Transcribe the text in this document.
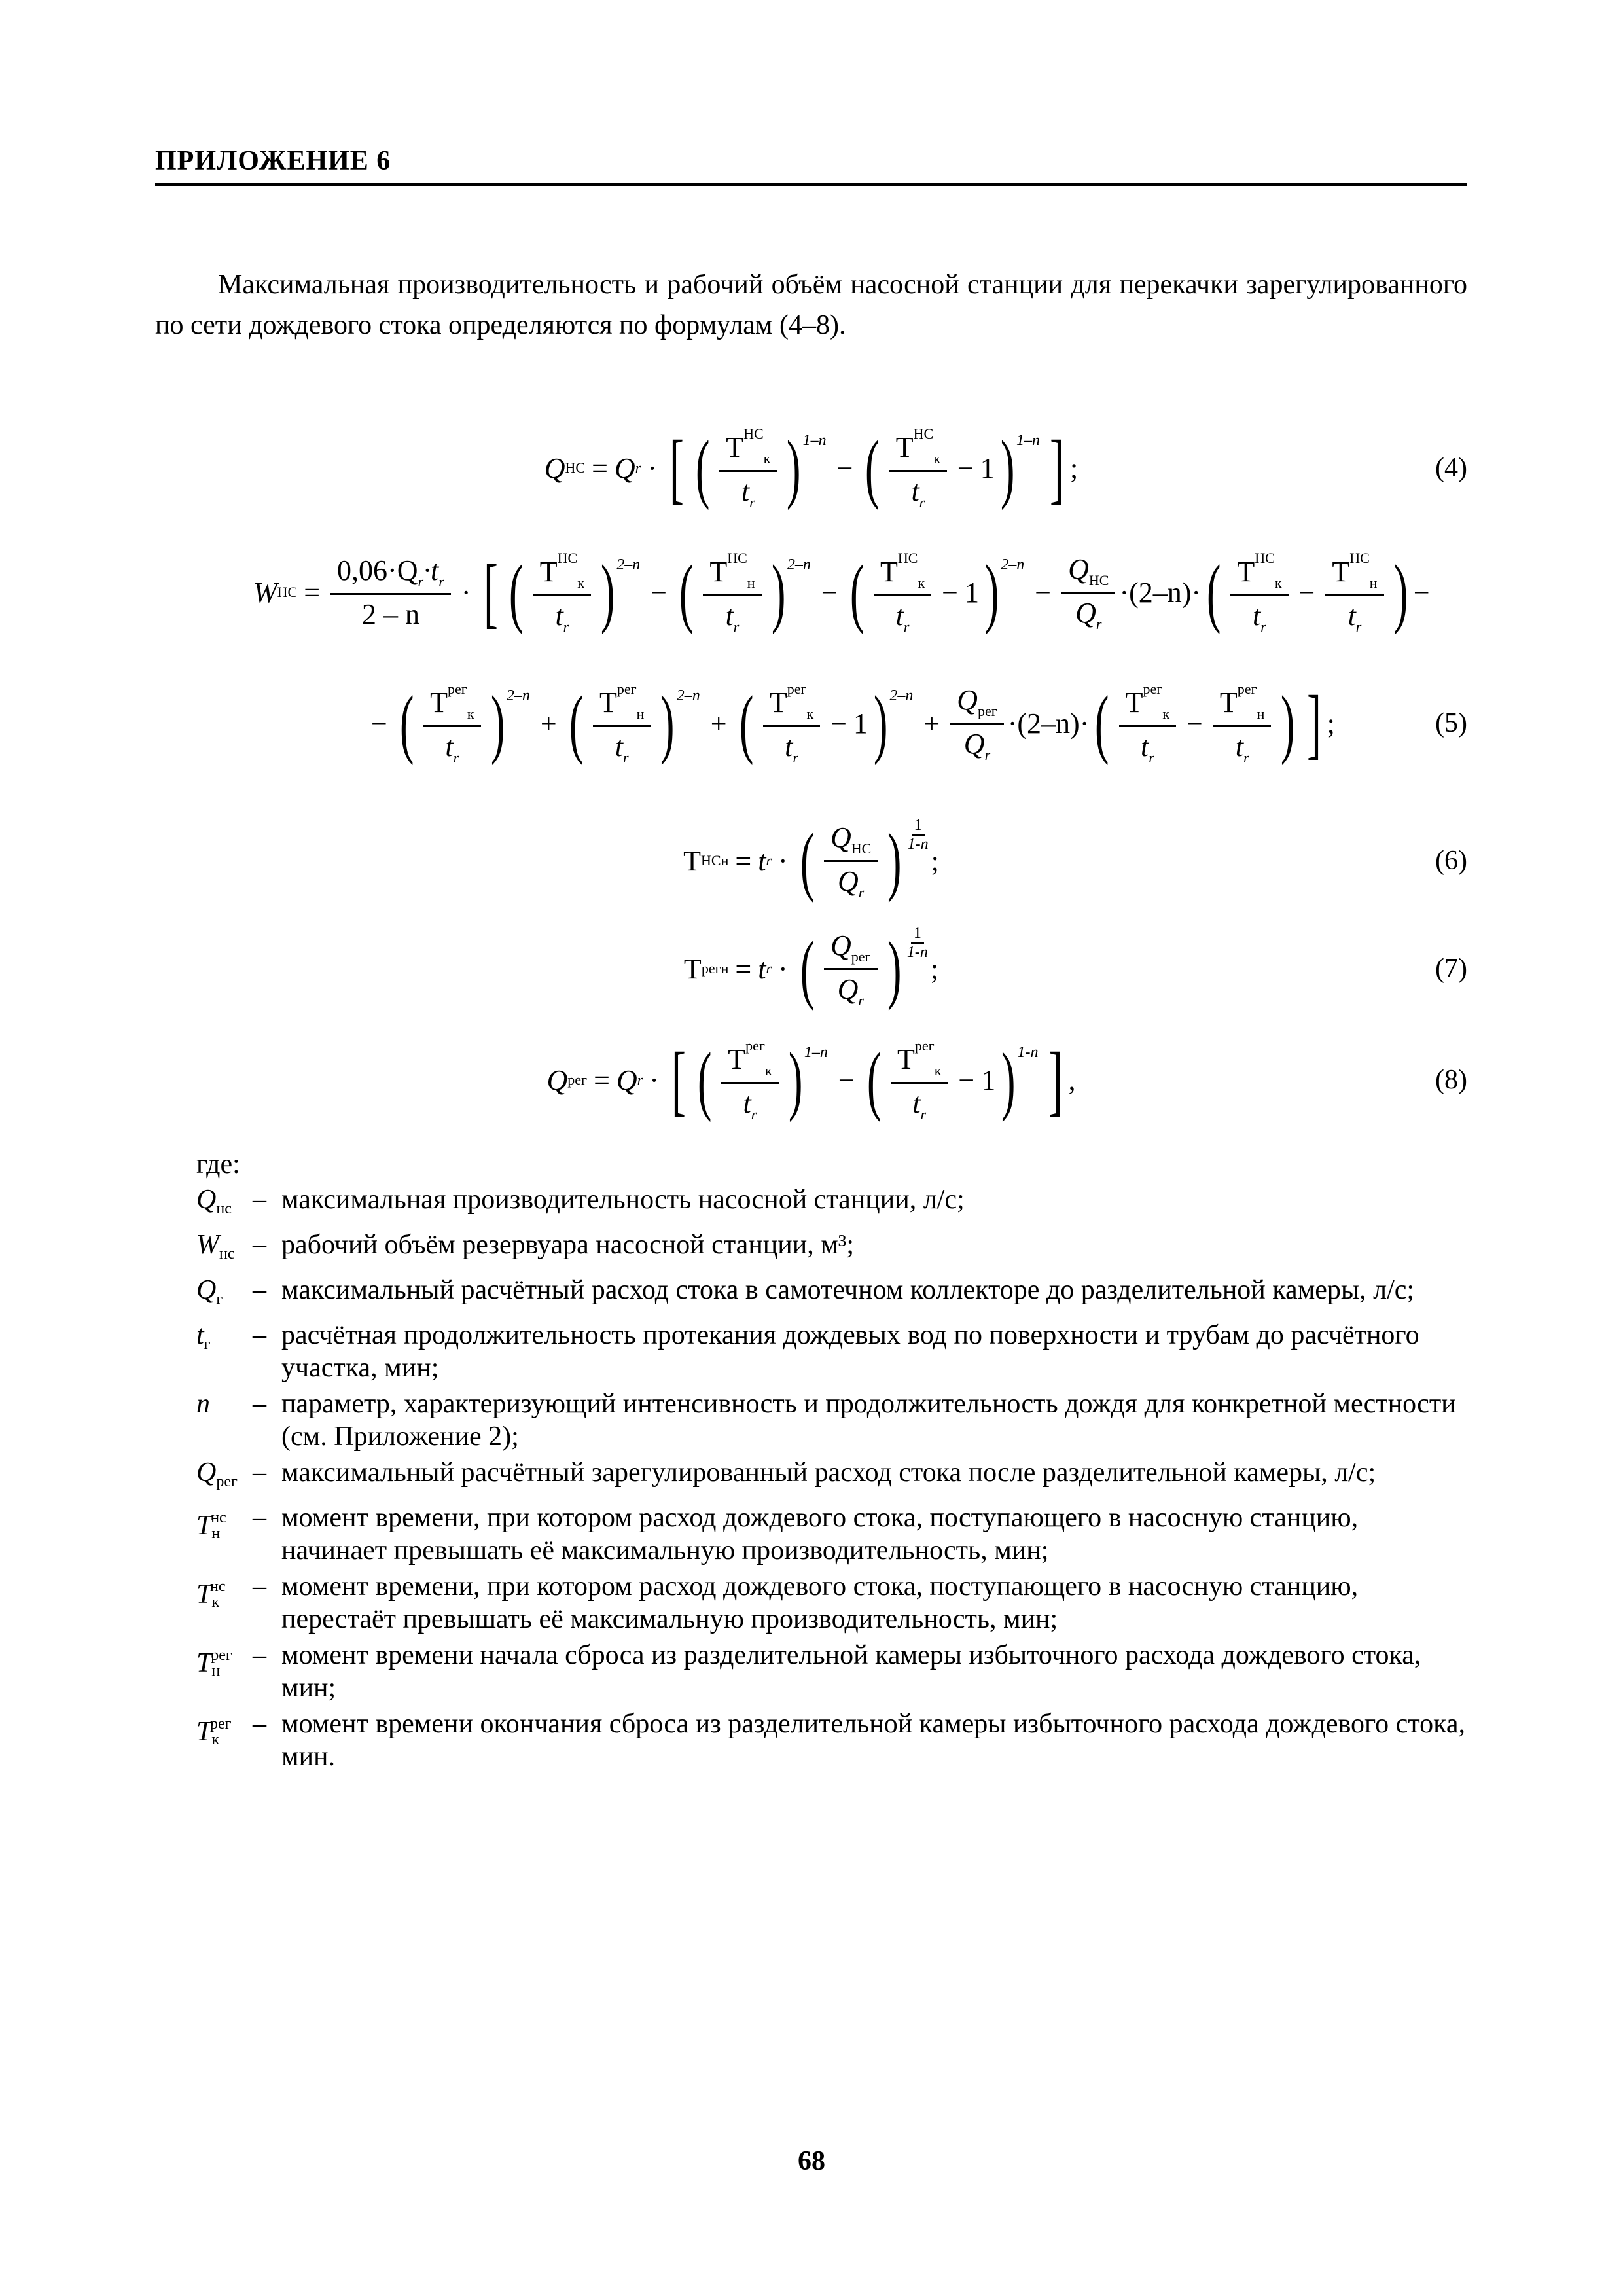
ПРИЛОЖЕНИЕ 6

Максимальная производительность и рабочий объём насосной станции для перекачки зарегулированного по сети дождевого стока определяются по формулам (4–8).

Q НС = Q r · [ ( $\frac{Т^{НС}_к}{t_r}$ ) 1–n
− ( $\frac{Т^{НС}_к}{t_r} - 1$ ) 1–n ] ;	(4)
W НС = $\frac{0,06\cdot Q_r\cdot t_r}{2 - n}$ · [ ( $\frac{Т^{НС}_к}{t_r}$ ) 2–n
− ( $\frac{Т^{НС}_н}{t_r}$ ) 2–n
− ( $\frac{Т^{НС}_к}{t_r} - 1$ ) 2–n
− $\frac{Q_{НС}}{Q_r} \cdot(2-n)\cdot$ ( $\frac{Т^{НС}_к}{t_r} - \frac{Т^{НС}_н}{t_r}$ ) −
− ( $\frac{Т^{рег}_к}{t_r}$ ) 2–n
+ ( $\frac{Т^{рег}_н}{t_r}$ ) 2–n
+ ( $\frac{Т^{рег}_к}{t_r} - 1$ ) 2–n
+ $\frac{Q_{рег}}{Q_r} \cdot(2-n)\cdot$ ( $\frac{Т^{рег}_к}{t_r} - \frac{Т^{рег}_н}{t_r}$ ) ] ;	(5)
Т НС н = t r · ( $\frac{Q_{НС}}{Q_r}$ ) 1
1-n
;	(6)
Т рег н = t r · ( $\frac{Q_{рег}}{Q_r}$ ) 1
1-n
;	(7)
Q рег = Q r · [ ( $\frac{Т^{рег}_к}{t_r}$ ) 1–n
− ( $\frac{Т^{рег}_к}{t_r} - 1$ ) 1-n ] ,	(8)

где:

Qнс – максимальная производительность насосной станции, л/с;
Wнс – рабочий объём резервуара насосной станции, м³;
Qг	– максимальный расчётный расход стока в самотечном коллекторе до разделительной камеры, л/с;
tг	– расчётная продолжительность протекания дождевых вод по поверхности и трубам до расчётного участка, мин;
n	– параметр, характеризующий интенсивность и продолжительность дождя для конкретной местности (см. Приложение 2);
Qрег – максимальный расчётный зарегулированный расход стока после разделительной камеры, л/с;
$Tн^{нс}$ – момент времени, при котором расход дождевого стока, поступающего в насосную станцию, начинает превышать её максимальную производительность, мин;
$Tк^{нс}$ – момент времени, при котором расход дождевого стока, поступающего в насосную станцию, перестаёт превышать её максимальную производительность, мин;
$Tн^{рег}$ – момент времени начала сброса из разделительной камеры избыточного расхода дождевого стока, мин;
$Tк^{рег}$ – момент времени окончания сброса из разделительной камеры избыточного расхода дождевого стока, мин.

68
